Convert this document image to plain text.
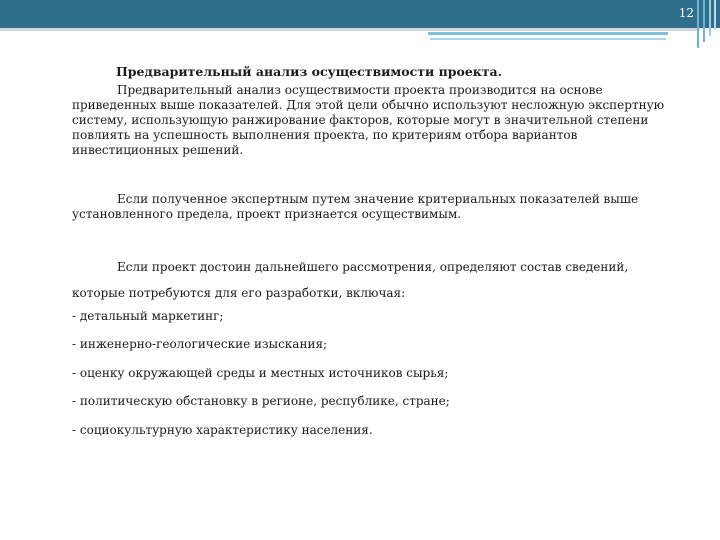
12
Предварительный анализ осуществимости проекта.

Предварительный анализ осуществимости проекта производится на основе приведенных выше показателей. Для этой цели обычно используют несложную экспертную систему, использующую ранжирование факторов, которые могут в значительной степени повлиять на успешность выполнения проекта, по критериям отбора вариантов инвестиционных решений.

Если полученное экспертным путем значение критериальных показателей выше установленного предела, проект признается осуществимым.

Если проект достоин дальнейшего рассмотрения, определяют состав сведений, которые потребуются для его разработки, включая:

- детальный маркетинг;

- инженерно-геологические изыскания;

- оценку окружающей среды и местных источников сырья;

- политическую обстановку в регионе, республике, стране;

- социокультурную характеристику населения.
